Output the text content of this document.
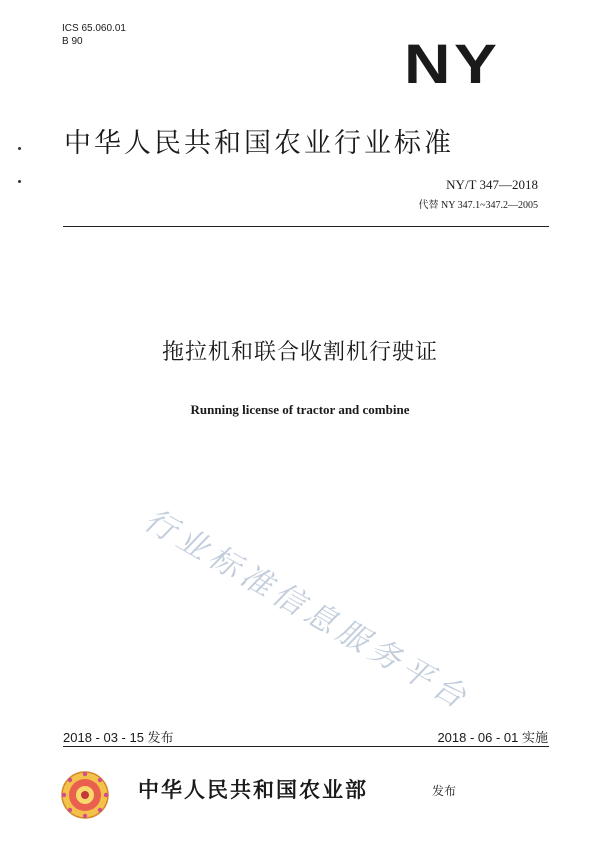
ICS 65.060.01
B 90	NY
中华人民共和国农业行业标准
NY/T 347—2018
代替 NY 347.1~347.2—2005
拖拉机和联合收割机行驶证
Running license of tractor and combine
行业标准信息服务平台
2018 - 03 - 15 发布	2018 - 06 - 01 实施
中华人民共和国农业部	发布
